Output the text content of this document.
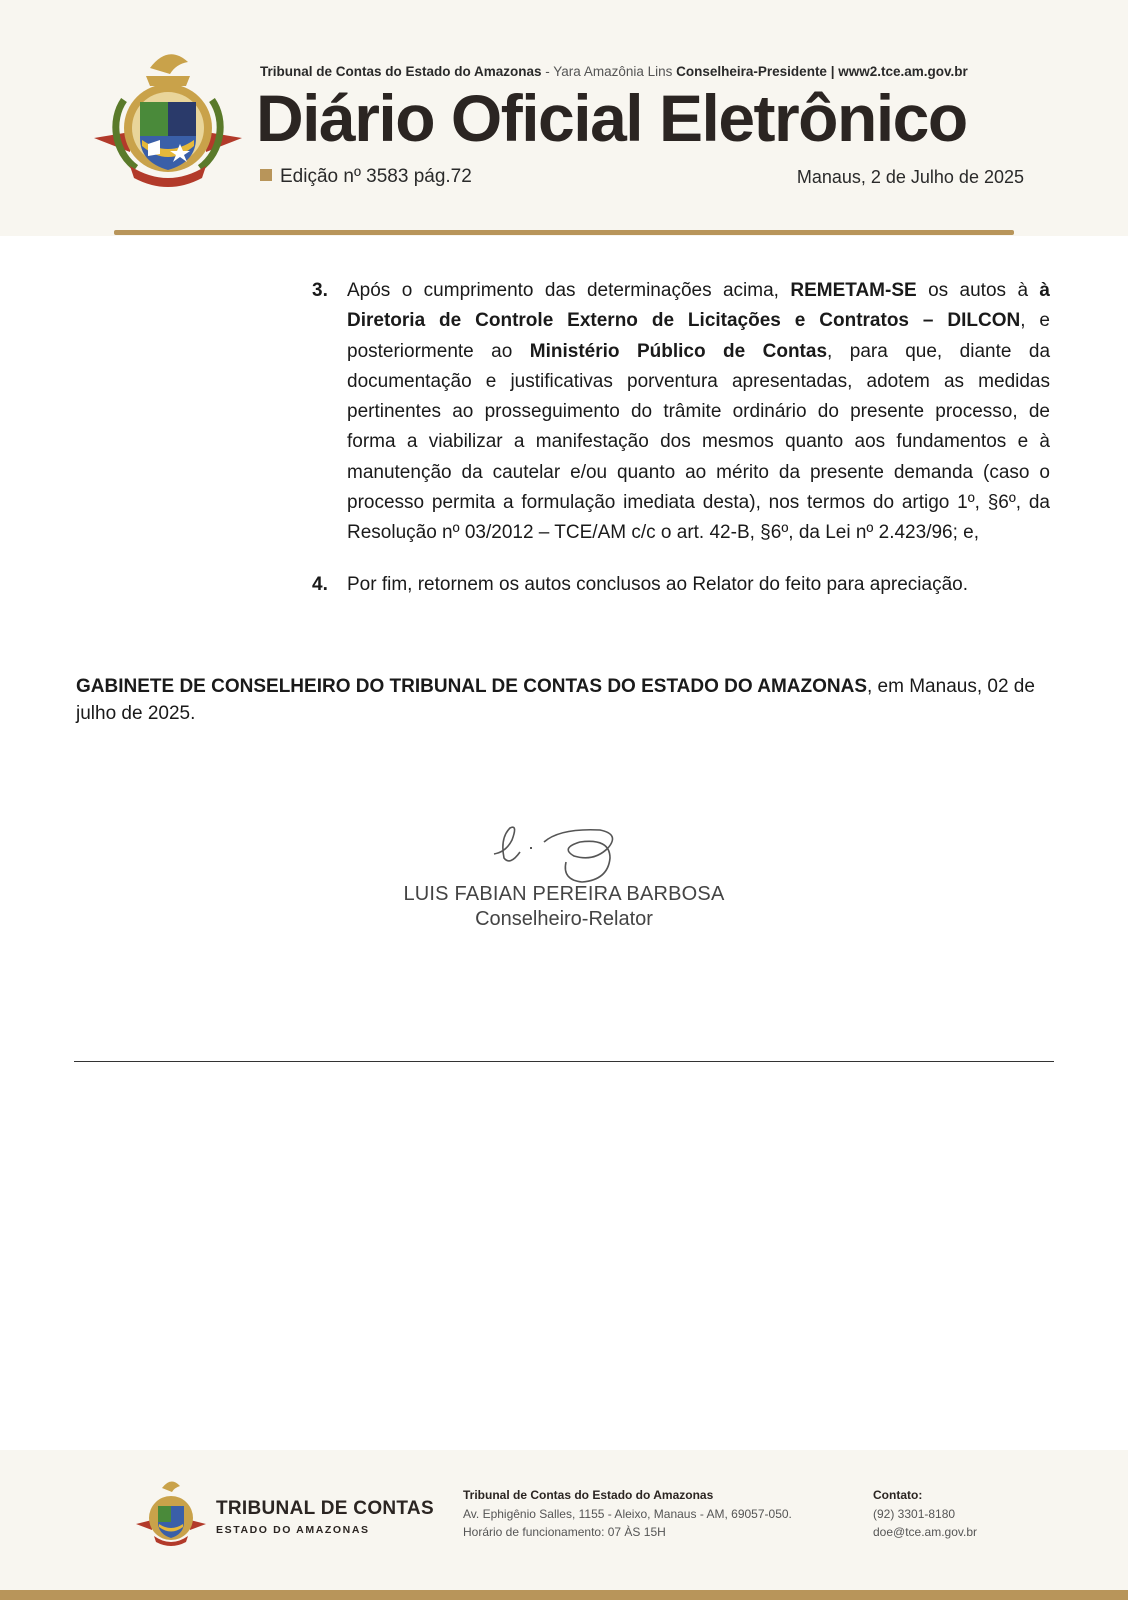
Tribunal de Contas do Estado do Amazonas - Yara Amazônia Lins Conselheira-Presidente | www2.tce.am.gov.br
Diário Oficial Eletrônico
Edição nº 3583 pág.72	Manaus, 2 de Julho de 2025
3. Após o cumprimento das determinações acima, REMETAM-SE os autos à à Diretoria de Controle Externo de Licitações e Contratos – DILCON, e posteriormente ao Ministério Público de Contas, para que, diante da documentação e justificativas porventura apresentadas, adotem as medidas pertinentes ao prosseguimento do trâmite ordinário do presente processo, de forma a viabilizar a manifestação dos mesmos quanto aos fundamentos e à manutenção da cautelar e/ou quanto ao mérito da presente demanda (caso o processo permita a formulação imediata desta), nos termos do artigo 1º, §6º, da Resolução nº 03/2012 – TCE/AM c/c o art. 42-B, §6º, da Lei nº 2.423/96; e,
4. Por fim, retornem os autos conclusos ao Relator do feito para apreciação.
GABINETE DE CONSELHEIRO DO TRIBUNAL DE CONTAS DO ESTADO DO AMAZONAS, em Manaus, 02 de julho de 2025.
LUIS FABIAN PEREIRA BARBOSA
Conselheiro-Relator
TRIBUNAL DE CONTAS
ESTADO DO AMAZONAS
Tribunal de Contas do Estado do Amazonas
Av. Ephigênio Salles, 1155 - Aleixo, Manaus - AM, 69057-050.
Horário de funcionamento: 07 ÀS 15H
Contato:
(92) 3301-8180
doe@tce.am.gov.br
